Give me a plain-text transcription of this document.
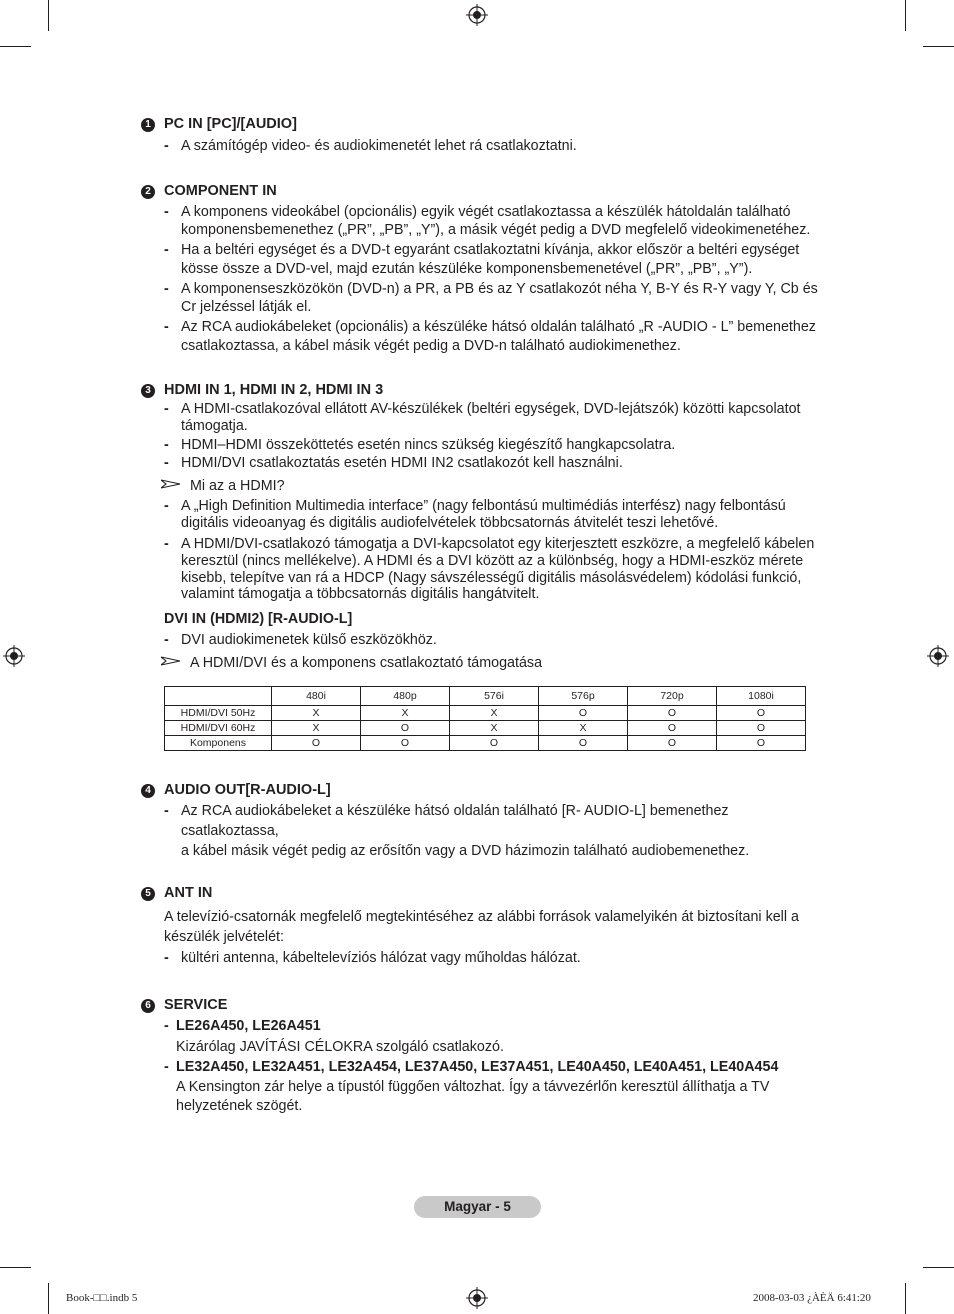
1 PC IN [PC]/[AUDIO]
- A számítógép video- és audiokimenetét lehet rá csatlakoztatni.
2 COMPONENT IN
- A komponens videokábel (opcionális) egyik végét csatlakoztassa a készülék hátoldalán található
komponensbemenethez („PR”, „PB”, „Y”), a másik végét pedig a DVD megfelelő videokimenetéhez.
- Ha a beltéri egységet és a DVD-t egyaránt csatlakoztatni kívánja, akkor először a beltéri egységet
kösse össze a DVD-vel, majd ezután készüléke komponensbemenetével („PR”, „PB”, „Y”).
- A komponenseszközökön (DVD-n) a PR, a PB és az Y csatlakozót néha Y, B-Y és R-Y vagy Y, Cb és
Cr jelzéssel látják el.
- Az RCA audiokábeleket (opcionális) a készüléke hátsó oldalán található „R -AUDIO - L” bemenethez
csatlakoztassa, a kábel másik végét pedig a DVD-n található audiokimenethez.
3 HDMI IN 1, HDMI IN 2, HDMI IN 3
- A HDMI-csatlakozóval ellátott AV-készülékek (beltéri egységek, DVD-lejátszók) közötti kapcsolatot
támogatja.
- HDMI–HDMI összeköttetés esetén nincs szükség kiegészítő hangkapcsolatra.
- HDMI/DVI csatlakoztatás esetén HDMI IN2 csatlakozót kell használni.
Mi az a HDMI?
- A „High Definition Multimedia interface” (nagy felbontású multimédiás interfész) nagy felbontású
digitális videoanyag és digitális audiofelvételek többcsatornás átvitelét teszi lehetővé.
- A HDMI/DVI-csatlakozó támogatja a DVI-kapcsolatot egy kiterjesztett eszközre, a megfelelő kábelen
keresztül (nincs mellékelve). A HDMI és a DVI között az a különbség, hogy a HDMI-eszköz mérete
kisebb, telepítve van rá a HDCP (Nagy sávszélességű digitális másolásvédelem) kódolási funkció,
valamint támogatja a többcsatornás digitális hangátvitelt.
DVI IN (HDMI2) [R-AUDIO-L]
- DVI audiokimenetek külső eszközökhöz.
A HDMI/DVI és a komponens csatlakoztató támogatása
	480i	480p	576i	576p	720p	1080i
HDMI/DVI 50Hz	X	X	X	O	O	O
HDMI/DVI 60Hz	X	O	X	X	O	O
Komponens	O	O	O	O	O	O
4 AUDIO OUT[R-AUDIO-L]
- Az RCA audiokábeleket a készüléke hátsó oldalán található [R- AUDIO-L] bemenethez
csatlakoztassa,
a kábel másik végét pedig az erősítőn vagy a DVD házimozin található audiobemenethez.
5 ANT IN
A televízió-csatornák megfelelő megtekintéséhez az alábbi források valamelyikén át biztosítani kell a
készülék jelvételét:
- kültéri antenna, kábeltelevíziós hálózat vagy műholdas hálózat.
6 SERVICE
- LE26A450, LE26A451
Kizárólag JAVÍTÁSI CÉLOKRA szolgáló csatlakozó.
- LE32A450, LE32A451, LE32A454, LE37A450, LE37A451, LE40A450, LE40A451, LE40A454
A Kensington zár helye a típustól függően változhat. Így a távvezérlőn keresztül állíthatja a TV
helyzetének szögét.
Magyar - 5
Book-□□.indb 5	2008-03-03 ¿ÀÈÄ 6:41:20
